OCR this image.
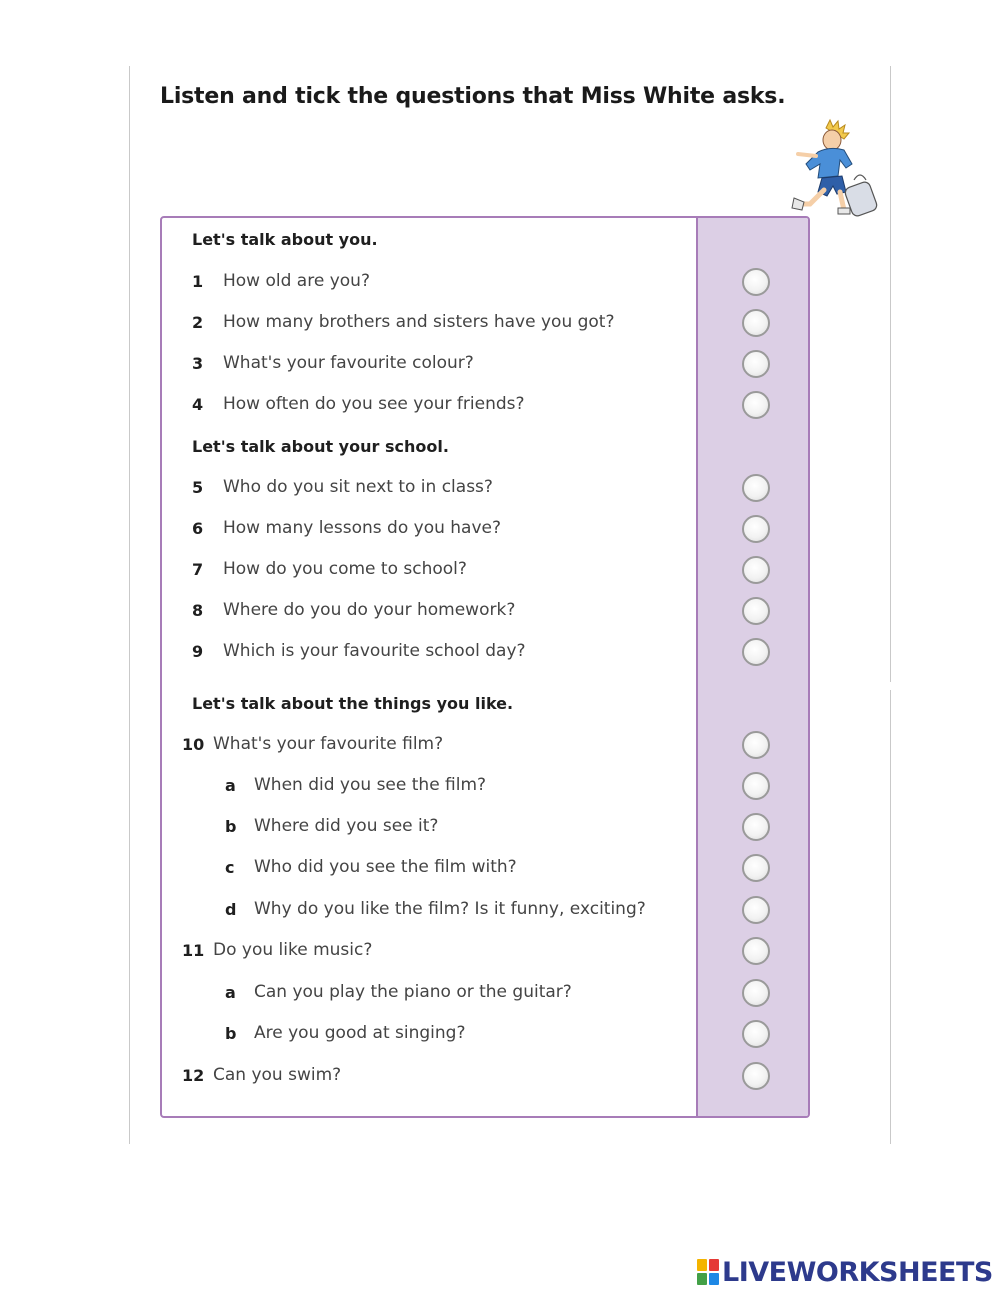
Listen and tick the questions that Miss White asks.
Let's talk about you.
1 How old are you?
2 How many brothers and sisters have you got?
3 What's your favourite colour?
4 How often do you see your friends?
Let's talk about your school.
5 Who do you sit next to in class?
6 How many lessons do you have?
7 How do you come to school?
8 Where do you do your homework?
9 Which is your favourite school day?
Let's talk about the things you like.
10 What's your favourite film?
a When did you see the film?
b Where did you see it?
c Who did you see the film with?
d Why do you like the film? Is it funny, exciting?
11 Do you like music?
a Can you play the piano or the guitar?
b Are you good at singing?
12 Can you swim?
LIVEWORKSHEETS
